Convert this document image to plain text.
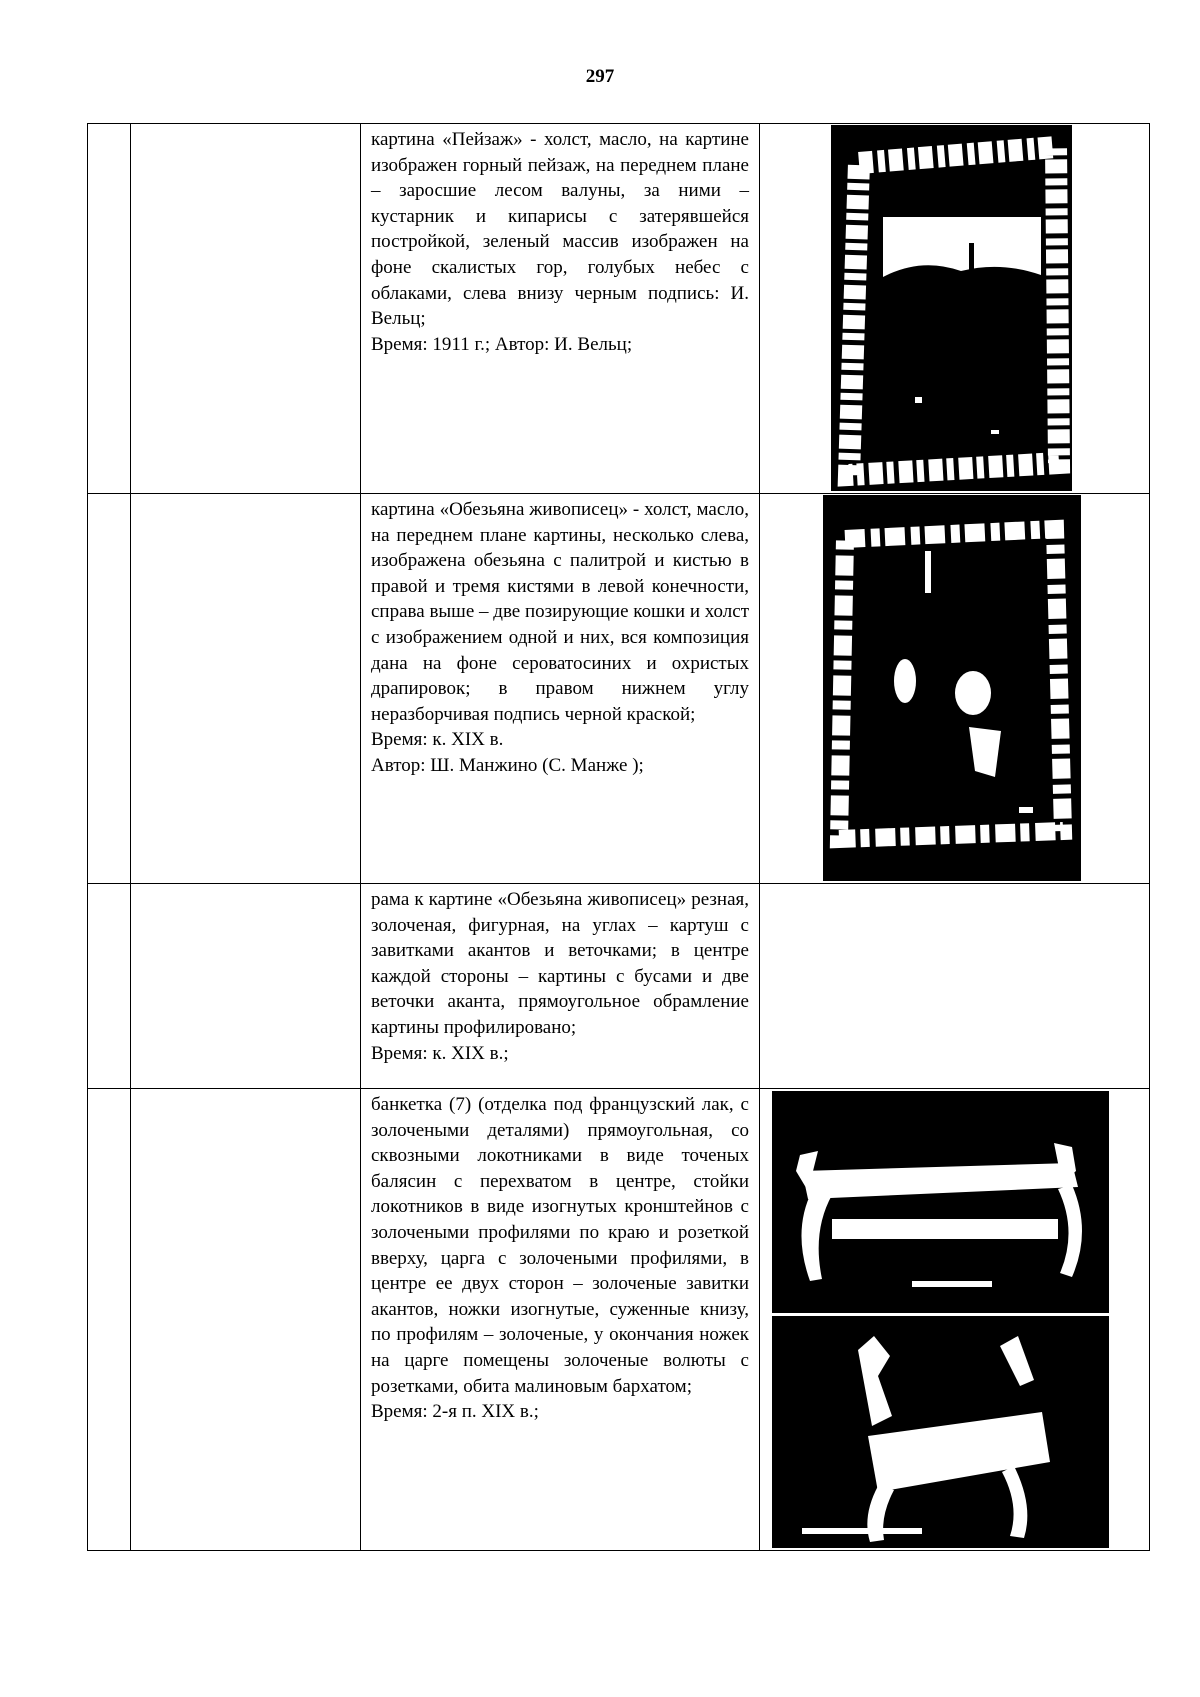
297

		картина «Пейзаж» - холст, масло, на картине изображен горный пейзаж, на переднем плане – заросшие лесом валуны, за ними – кустарник и кипарисы с затерявшейся постройкой, зеленый массив изображен на фоне скалистых гор, голубых небес с облаками, слева внизу черным подпись: И. Вельц;

Время: 1911 г.; Автор: И. Вельц;

		картина «Обезьяна живописец» - холст, масло, на переднем плане картины, несколько слева, изображена обезьяна с палитрой и кистью в правой и тремя кистями в левой конечности, справа выше – две позирующие кошки и холст с изображением одной и них, вся композиция дана на фоне сероватосиних и охристых драпировок; в правом нижнем углу неразборчивая подпись черной краской;

Время: к. XIX в.

Автор: Ш. Манжино (С. Манже );

		рама к картине «Обезьяна живописец» резная, золоченая, фигурная, на углах – картуш с завитками акантов и веточками; в центре каждой стороны – картины с бусами и две веточки аканта, прямоугольное обрамление картины профилировано;

Время: к. XIX в.;	

		банкетка (7) (отделка под французский лак, с золочеными деталями) прямоугольная, со сквозными локотниками в виде точеных балясин с перехватом в центре, стойки локотников в виде изогнутых кронштейнов с золочеными профилями по краю и розеткой вверху, царга с золочеными профилями, в центре ее двух сторон – золоченые завитки акантов, ножки изогнутые, суженные книзу, по профилям – золоченые, у окончания ножек на царге помещены золоченые волюты с розетками, обита малиновым бархатом;

Время: 2-я п. XIX в.;
